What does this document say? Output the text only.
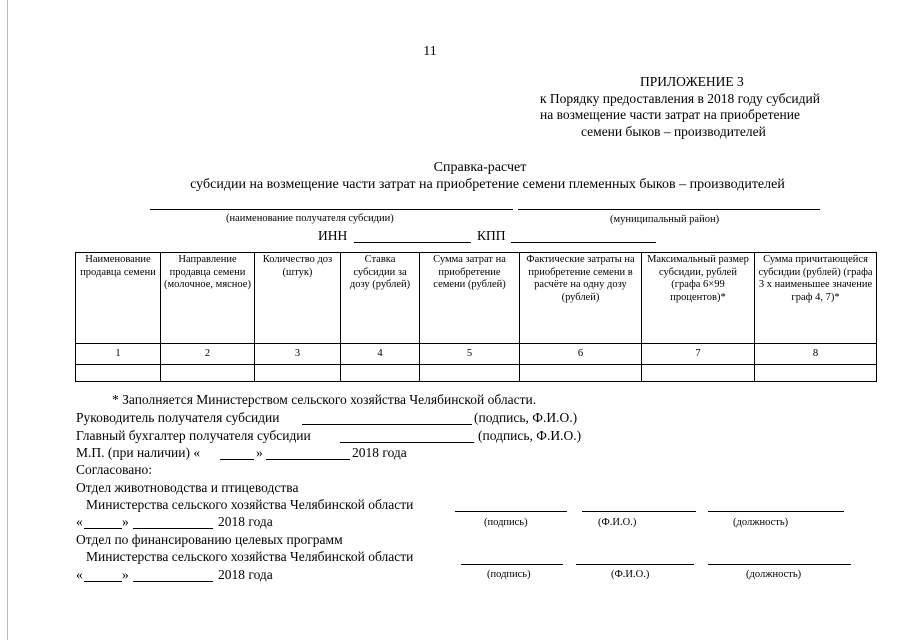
11
ПРИЛОЖЕНИЕ 3
к Порядку предоставления в 2018 году субсидий
на возмещение части затрат на приобретение
семени быков – производителей
Справка-расчет
субсидии на возмещение части затрат на приобретение семени племенных быков – производителей
(наименование получателя субсидии)	(муниципальный район)
ИНН	КПП
Наименование продавца семени	Направление продавца семени (молочное, мясное)	Количество доз (штук)	Ставка субсидии за дозу (рублей)	Сумма затрат на приобретение семени (рублей)	Фактические затраты на приобретение семени в расчёте на одну дозу (рублей)	Максимальный размер субсидии, рублей (графа 6×99 процентов)*	Сумма причитающейся субсидии (рублей) (графа 3 х наименьшее значение граф 4, 7)*
1	2	3	4	5	6	7	8

* Заполняется Министерством сельского хозяйства Челябинской области.
Руководитель получателя субсидии	(подпись, Ф.И.О.)
Главный бухгалтер получателя субсидии	(подпись, Ф.И.О.)
М.П. (при наличии) «	»	2018 года
Согласовано:
Отдел животноводства и птицеводства
Министерства сельского хозяйства Челябинской области
«	»	2018 года	(подпись)	(Ф.И.О.)	(должность)
Отдел по финансированию целевых программ
Министерства сельского хозяйства Челябинской области
«	»	2018 года	(подпись)	(Ф.И.О.)	(должность)
